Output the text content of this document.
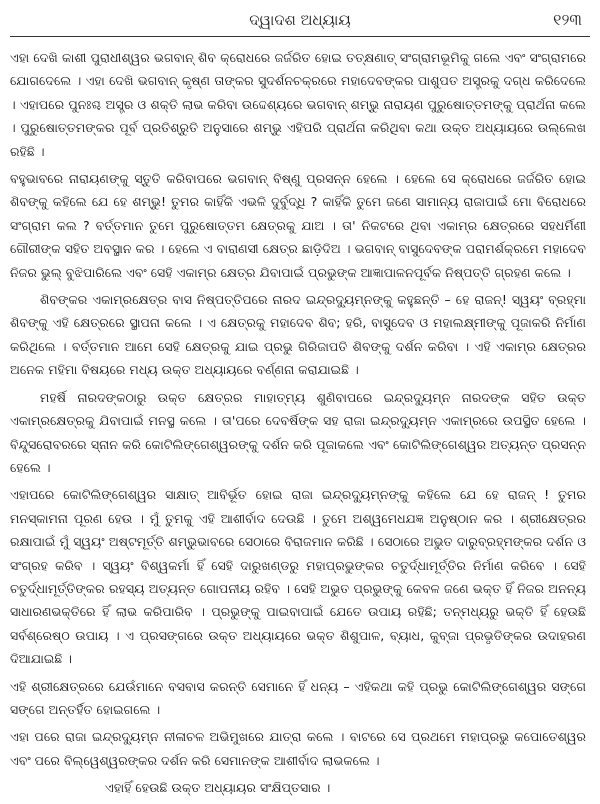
ଦ୍ୱାଦଶ ଅଧ୍ୟାୟ	୧୨୩

ଏହା ଦେଖି କାଶୀ ପୁରାଧୀଶ୍ୱର ଭଗବାନ୍ ଶିବ କ୍ରୋଧରେ ଜର୍ଜରିତ ହୋଇ ତତ୍‌କ୍ଷଣାତ୍ ସଂଗ୍ରାମଭୂମିକୁ ଗଲେ ଏବଂ ସଂଗ୍ରାମରେ ଯୋଗଦେଲେ । ଏହା ଦେଖି ଭଗବାନ୍ କୃଷ୍ଣ ତାଙ୍କର ସୁଦର୍ଶନଚକ୍ରରେ ମହାଦେବଙ୍କର ପାଶୁପତ ଅସ୍ତ୍ରକୁ ଦଗ୍ଧ କରିଦେଲେ । ଏହାପରେ ପୁନଃଶ୍ଚ ଅସ୍ତ୍ର ଓ ଶକ୍ତି ଲାଭ କରିବା ଉଦ୍ଦେଶ୍ୟରେ ଭଗବାନ୍ ଶମ୍ଭୁ ନାରାୟଣ ପୁରୁଷୋତ୍ତମଙ୍କୁ ପ୍ରାର୍ଥନା କଲେ । ପୁରୁଷୋତ୍ତମଙ୍କର ପୂର୍ବ ପ୍ରତିଶ୍ରୁତି ଅନୁସାରେ ଶମ୍ଭୁ ଏହିପରି ପ୍ରାର୍ଥନା କରିଥିବା କଥା ଉକ୍ତ ଅଧ୍ୟାୟରେ ଉଲ୍ଲେଖ ରହିଛି ।

ବହୁଭାବରେ ନାରାୟଣଙ୍କୁ ସ୍ତୁତି କରିବାପରେ ଭଗବାନ୍ ବିଷ୍ଣୁ ପ୍ରସନ୍ନ ହେଲେ । ହେଲେ ସେ କ୍ରୋଧରେ ଜର୍ଜରିତ ହୋଇ ଶିବଙ୍କୁ କହିଲେ ଯେ ହେ ଶମ୍ଭୁ! ତୁମର କାହିଁକି ଏଭଳି ଦୁର୍ବୁଦ୍ଧି ? କାହିଁକି ତୁମେ ଜଣେ ସାମାନ୍ୟ ରାଜାପାଇଁ ମୋ ବିରୋଧରେ ସଂଗ୍ରାମ କଲ ? ବର୍ତ୍ତମାନ ତୁମେ ପୁରୁଷୋତ୍ତମ କ୍ଷେତ୍ରକୁ ଯାଅ । ତା' ନିକଟରେ ଥିବା ଏକାମ୍ର କ୍ଷେତ୍ରରେ ସହଧର୍ମିଣୀ ଗୌରୀଙ୍କ ସହିତ ଅବସ୍ଥାନ କର । ହେଲେ ଏ ବାରାଣସୀ କ୍ଷେତ୍ର ଛାଡ଼ିଦିଅ । ଭଗବାନ୍ ବାସୁଦେବଙ୍କ ପରାମର୍ଶକ୍ରମେ ମହାଦେବ ନିଜର ଭୁଲ୍ ବୁଝିପାରିଲେ ଏବଂ ସେହି ଏକାମ୍ର କ୍ଷେତ୍ର ଯିବାପାଇଁ ପ୍ରଭୁଙ୍କ ଆଜ୍ଞାପାଳନପୂର୍ବକ ନିଷ୍ପତ୍ତି ଗ୍ରହଣ କଲେ ।

ଶିବଙ୍କର ଏକାମ୍ରକ୍ଷେତ୍ର ବାସ ନିଷ୍ପତ୍ତିପରେ ନାରଦ ଇନ୍ଦ୍ରଦ୍ୟୁମ୍ନଙ୍କୁ କହୁଛନ୍ତି – ହେ ରାଜନ୍! ସ୍ୱୟଂ ବ୍ରହ୍ମା ଶିବଙ୍କୁ ଏହି କ୍ଷେତ୍ରରେ ସ୍ଥାପନା କଲେ । ଏ କ୍ଷେତ୍ରକୁ ମହାଦେବ ଶିବ; ହରି, ବାସୁଦେବ ଓ ମହାଲକ୍ଷ୍ମୀଙ୍କୁ ପୂଜାକରି ନିର୍ମାଣ କରିଥିଲେ । ବର୍ତ୍ତମାନ ଆମେ ସେହି କ୍ଷେତ୍ରକୁ ଯାଇ ପ୍ରଭୁ ଗିରିଜାପତି ଶିବଙ୍କୁ ଦର୍ଶନ କରିବା । ଏହି ଏକାମ୍ର କ୍ଷେତ୍ରର ଅନେକ ମହିମା ବିଷୟରେ ମଧ୍ୟ ଉକ୍ତ ଅଧ୍ୟାୟରେ ବର୍ଣ୍ଣନା କରାଯାଇଛି ।

ମହର୍ଷି ନାରଦଙ୍କଠାରୁ ଉକ୍ତ କ୍ଷେତ୍ରର ମାହାତ୍ମ୍ୟ ଶୁଣିବାପରେ ଇନ୍ଦ୍ରଦ୍ୟୁମ୍ନ ନାରଦଙ୍କ ସହିତ ଉକ୍ତ ଏକାମ୍ରକ୍ଷେତ୍ରକୁ ଯିବାପାଇଁ ମନସ୍ଥ କଲେ । ତା'ପରେ ଦେବର୍ଷିଙ୍କ ସହ ରାଜା ଇନ୍ଦ୍ରଦ୍ୟୁମ୍ନ ଏକାମ୍ରରେ ଉପସ୍ଥିତ ହେଲେ । ବିନ୍ଦୁସରୋବରରେ ସ୍ନାନ କରି କୋଟିଲିଙ୍ଗେଶ୍ୱରଙ୍କୁ ଦର୍ଶନ କରି ପୂଜାକଲେ ଏବଂ କୋଟିଲିଙ୍ଗେଶ୍ୱର ଅତ୍ୟନ୍ତ ପ୍ରସନ୍ନ ହେଲେ ।

ଏହାପରେ କୋଟିଲିଙ୍ଗେଶ୍ୱର ସାକ୍ଷାତ୍ ଆବିର୍ଭୂତ ହୋଇ ରାଜା ଇନ୍ଦ୍ରଦ୍ୟୁମ୍ନଙ୍କୁ କହିଲେ ଯେ ହେ ରାଜନ୍ ! ତୁମର ମନସ୍କାମନା ପୂରଣ ହେଉ । ମୁଁ ତୁମକୁ ଏହି ଆଶୀର୍ବାଦ ଦେଉଛି । ତୁମେ ଅଶ୍ୱମେଧଯଜ୍ଞ ଅନୁଷ୍ଠାନ କର । ଶ୍ରୀକ୍ଷେତ୍ରର ରକ୍ଷାପାଇଁ ମୁଁ ସ୍ୱୟଂ ଅଷ୍ଟମୂର୍ତ୍ତି ଶମ୍ଭୁଭାବରେ ସେଠାରେ ବିରାଜମାନ କରିଛି । ସେଠାରେ ଅଭୁତ ଦାରୁବ୍ରହ୍ମଙ୍କର ଦର୍ଶନ ଓ ସଂଗ୍ରହ କରିବ । ସ୍ୱୟଂ ବିଶ୍ୱକର୍ମା ହିଁ ସେହି ଦାରୁଖଣ୍ଡରୁ ମହାପ୍ରଭୁଙ୍କର ଚତୁର୍ଦ୍ଧାମୂର୍ତ୍ତିର ନିର୍ମାଣ କରିବେ । ସେହି ଚତୁର୍ଦ୍ଧାମୂର୍ତ୍ତିଙ୍କର ରହସ୍ୟ ଅତ୍ୟନ୍ତ ଗୋପନୀୟ ରହିବ । ସେହି ଅଭୁତ ପ୍ରଭୁଙ୍କୁ କେବଳ ଜଣେ ଭକ୍ତ ହିଁ ନିଜର ଅନନ୍ୟ ସାଧାରଣଭକ୍ତିରେ ହିଁ ଲାଭ କରିପାରିବ । ପ୍ରଭୁଙ୍କୁ ପାଇବାପାଇଁ ଯେତେ ଉପାୟ ରହିଛି; ତନ୍ମଧ୍ୟରୁ ଭକ୍ତି ହିଁ ହେଉଛି ସର୍ବଶ୍ରେଷ୍ଠ ଉପାୟ । ଏ ପ୍ରସଙ୍ଗରେ ଉକ୍ତ ଅଧ୍ୟାୟରେ ଭକ୍ତ ଶିଶୁପାଳ, ବ୍ୟାଧ, କୁବ୍ଜା ପ୍ରଭୃତିଙ୍କର ଉଦାହରଣ ଦିଆଯାଇଛି ।

ଏହି ଶ୍ରୀକ୍ଷେତ୍ରରେ ଯେଉଁମାନେ ବସବାସ କରନ୍ତି ସେମାନେ ହିଁ ଧନ୍ୟ – ଏହିକଥା କହି ପ୍ରଭୁ କୋଟିଲିଙ୍ଗେଶ୍ୱର ସଙ୍ଗେ ସଙ୍ଗେ ଅନ୍ତର୍ହିତ ହୋଇଗଲେ ।

ଏହା ପରେ ରାଜା ଇନ୍ଦ୍ରଦ୍ୟୁମ୍ନ ନୀଳାଚଳ ଅଭିମୁଖରେ ଯାତ୍ରା କଲେ । ବାଟରେ ସେ ପ୍ରଥମେ ମହାପ୍ରଭୁ କପୋତେଶ୍ୱର ଏବଂ ପରେ ବିଲ୍ୱେଶ୍ୱରଙ୍କର ଦର୍ଶନ କରି ସେମାନଙ୍କ ଆଶୀର୍ବାଦ ଲାଭକଲେ ।

ଏହାହିଁ ହେଉଛି ଉକ୍ତ ଅଧ୍ୟାୟର ସଂକ୍ଷିପ୍ତସାର ।
